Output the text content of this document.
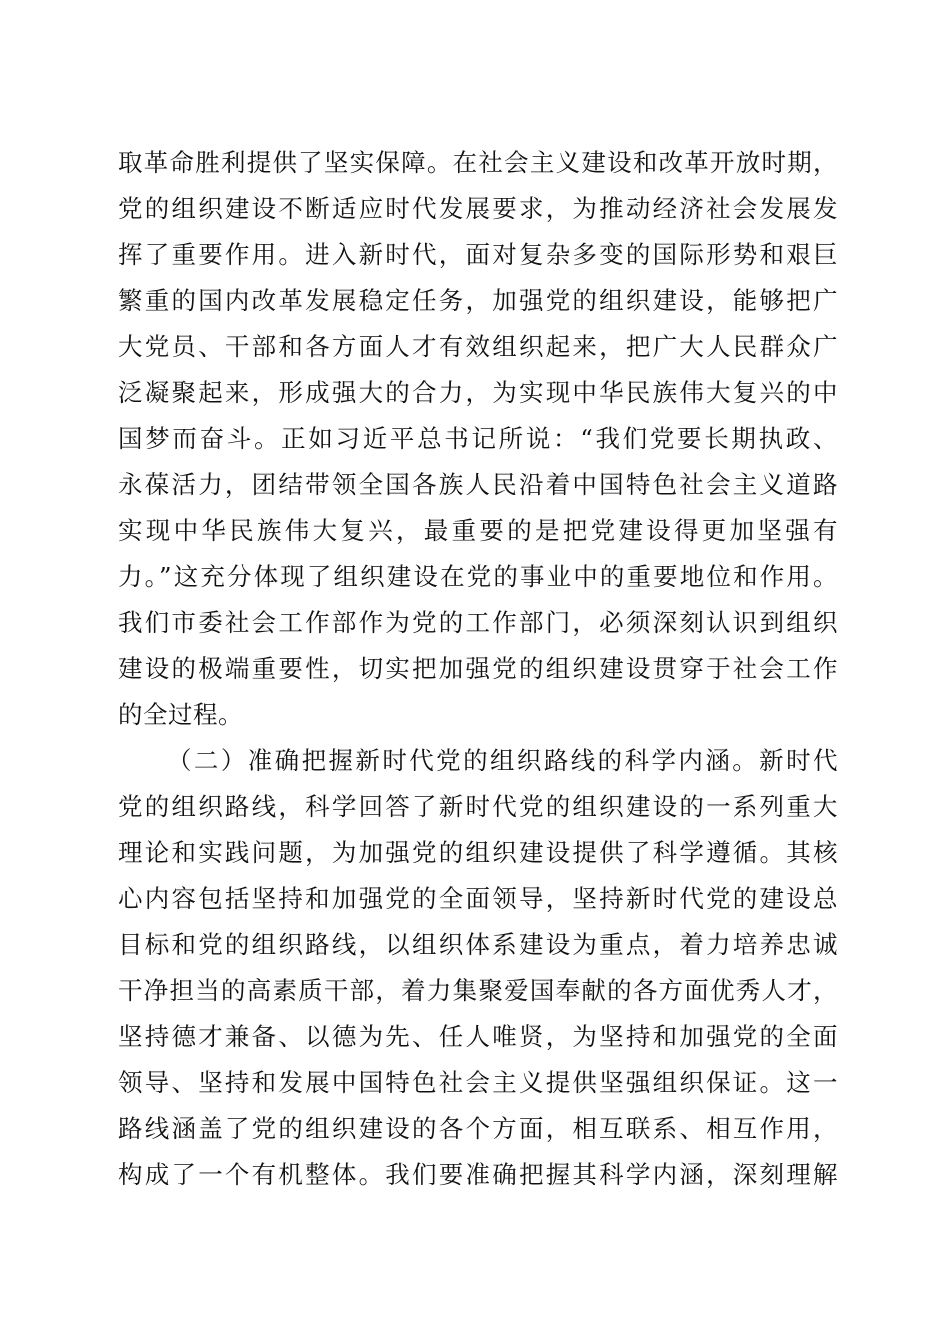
取革命胜利提供了坚实保障。在社会主义建设和改革开放时期，
党的组织建设不断适应时代发展要求，为推动经济社会发展发
挥了重要作用。进入新时代，面对复杂多变的国际形势和艰巨
繁重的国内改革发展稳定任务，加强党的组织建设，能够把广
大党员、干部和各方面人才有效组织起来，把广大人民群众广
泛凝聚起来，形成强大的合力，为实现中华民族伟大复兴的中
国梦而奋斗。正如习近平总书记所说：“我们党要长期执政、
永葆活力，团结带领全国各族人民沿着中国特色社会主义道路
实现中华民族伟大复兴，最重要的是把党建设得更加坚强有
力。”这充分体现了组织建设在党的事业中的重要地位和作用。
我们市委社会工作部作为党的工作部门，必须深刻认识到组织
建设的极端重要性，切实把加强党的组织建设贯穿于社会工作
的全过程。
（二）准确把握新时代党的组织路线的科学内涵。新时代
党的组织路线，科学回答了新时代党的组织建设的一系列重大
理论和实践问题，为加强党的组织建设提供了科学遵循。其核
心内容包括坚持和加强党的全面领导，坚持新时代党的建设总
目标和党的组织路线，以组织体系建设为重点，着力培养忠诚
干净担当的高素质干部，着力集聚爱国奉献的各方面优秀人才，
坚持德才兼备、以德为先、任人唯贤，为坚持和加强党的全面
领导、坚持和发展中国特色社会主义提供坚强组织保证。这一
路线涵盖了党的组织建设的各个方面，相互联系、相互作用，
构成了一个有机整体。我们要准确把握其科学内涵，深刻理解
